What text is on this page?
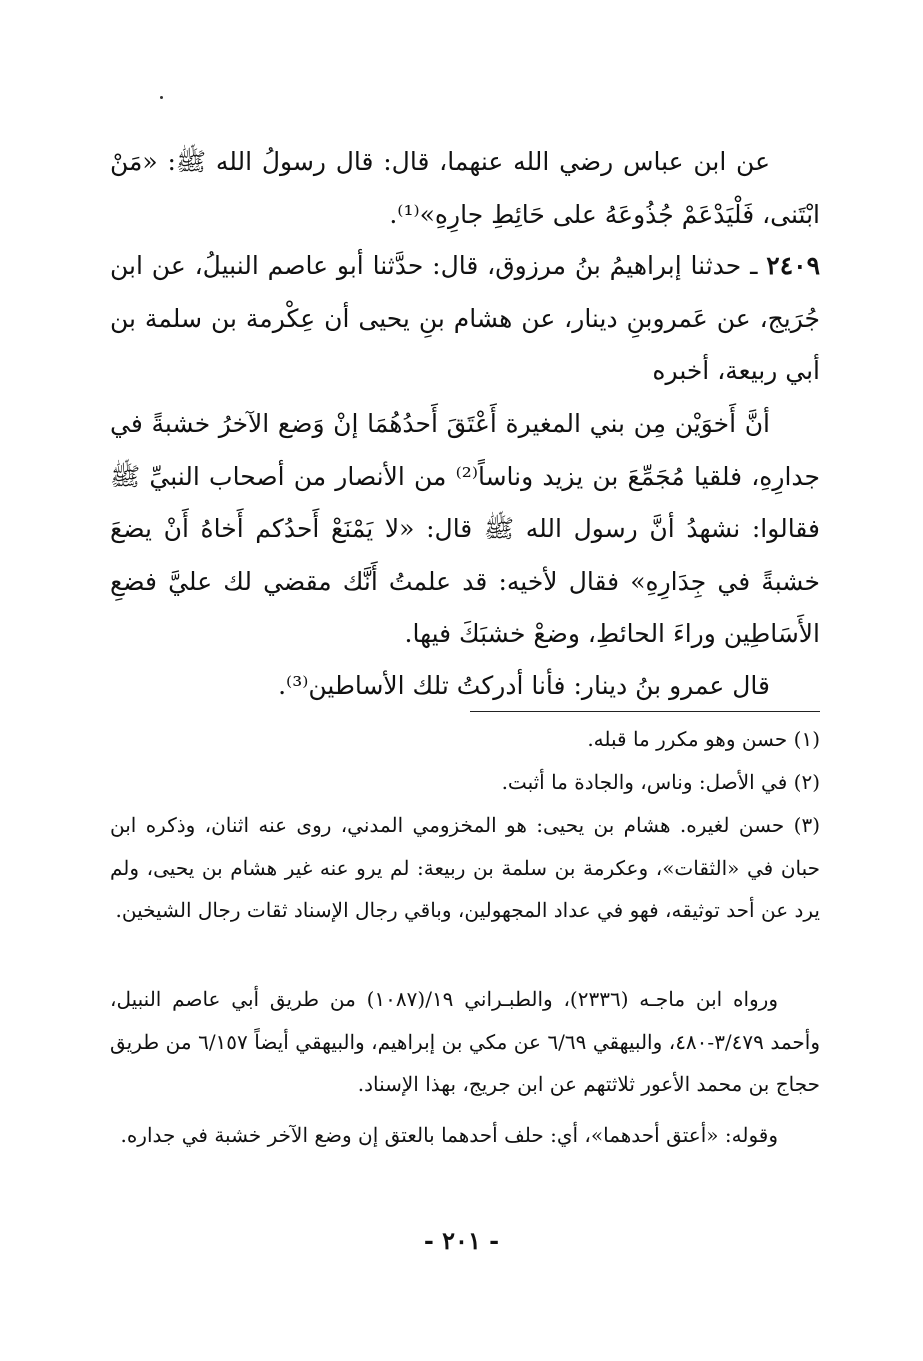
عن ابن عباس رضي الله عنهما، قال: قال رسولُ الله ﷺ: «مَنْ ابْتَنى، فَلْيَدْعَمْ جُذُوعَهُ على حَائِطِ جارِهِ»⁽¹⁾.

٢٤٠٩ ـ حدثنا إبراهيمُ بنُ مرزوق، قال: حدَّثنا أبو عاصم النبيلُ، عن ابن جُرَيج، عن عَمروبنِ دينار، عن هشام بنِ يحيى أن عِكْرمة بن سلمة بن أبي ربيعة، أخبره

أنَّ أَخوَيْن مِن بني المغيرة أَعْتَقَ أَحدُهُمَا إنْ وَضع الآخرُ خشبةً في جدارِهِ، فلقيا مُجَمِّعَ بن يزيد وناساً⁽²⁾ من الأنصار من أصحاب النبيِّ ﷺ فقالوا: نشهدُ أنَّ رسول الله ﷺ قال: «لا يَمْنَعْ أَحدُكم أَخاهُ أَنْ يضعَ خشبةً في جِدَارِهِ» فقال لأخيه: قد علمتُ أَنَّك مقضي لك عليَّ فضعِ الأَسَاطِين وراءَ الحائطِ، وضعْ خشبَكَ فيها.

قال عمرو بنُ دينار: فأنا أدركتُ تلك الأساطين⁽³⁾.

(١) حسن وهو مكرر ما قبله.

(٢) في الأصل: وناس، والجادة ما أثبت.

(٣) حسن لغيره. هشام بن يحيى: هو المخزومي المدني، روى عنه اثنان، وذكره ابن حبان في «الثقات»، وعكرمة بن سلمة بن ربيعة: لم يرو عنه غير هشام بن يحيى، ولم يرد عن أحد توثيقه، فهو في عداد المجهولين، وباقي رجال الإسناد ثقات رجال الشيخين.

ورواه ابن ماجـه (٢٣٣٦)، والطبـراني ١٩/(١٠٨٧) من طريق أبي عاصم النبيل، وأحمد ٣/٤٧٩-٤٨٠، والبيهقي ٦/٦٩ عن مكي بن إبراهيم، والبيهقي أيضاً ٦/١٥٧ من طريق حجاج بن محمد الأعور ثلاثتهم عن ابن جريج، بهذا الإسناد.

وقوله: «أعتق أحدهما»، أي: حلف أحدهما بالعتق إن وضع الآخر خشبة في جداره.

- ٢٠١ -
